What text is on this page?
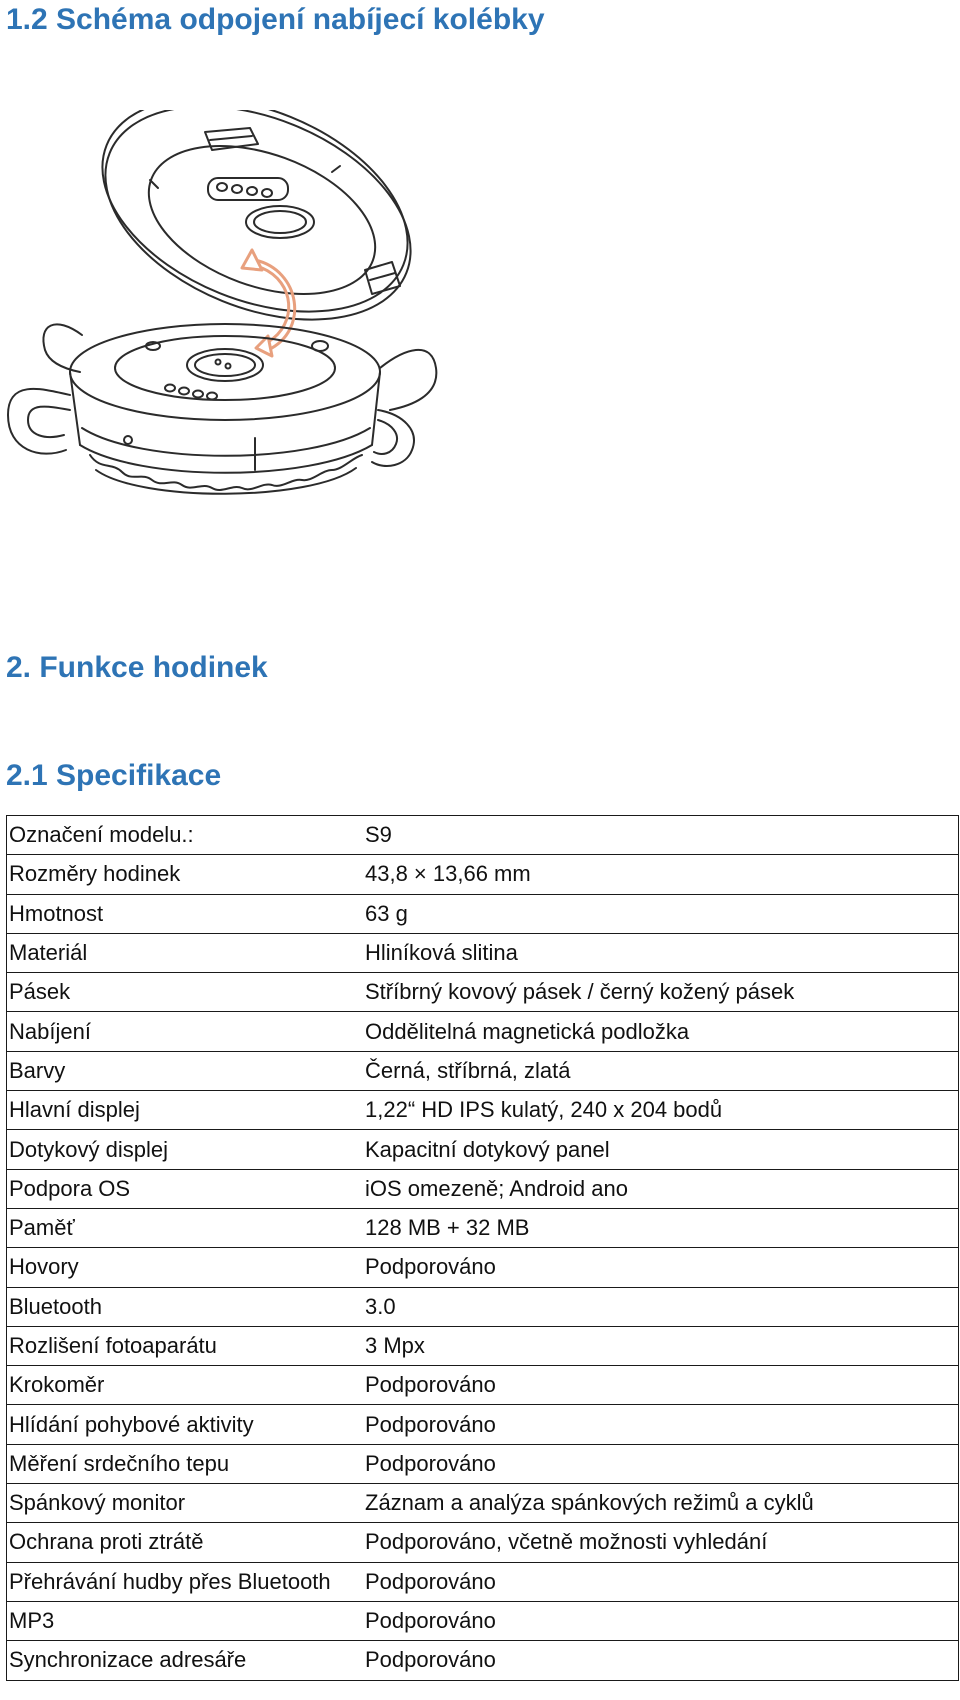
1.2 Schéma odpojení nabíjecí kolébky
2. Funkce hodinek
2.1 Specifikace
Označení modelu.:	S9
Rozměry hodinek	43,8 × 13,66 mm
Hmotnost	63 g
Materiál	Hliníková slitina
Pásek	Stříbrný kovový pásek / černý kožený pásek
Nabíjení	Oddělitelná magnetická podložka
Barvy	Černá, stříbrná, zlatá
Hlavní displej	1,22“ HD IPS kulatý, 240 x 204 bodů
Dotykový displej	Kapacitní dotykový panel
Podpora OS	iOS omezeně; Android ano
Paměť	128 MB + 32 MB
Hovory	Podporováno
Bluetooth	3.0
Rozlišení fotoaparátu	3 Mpx
Krokoměr	Podporováno
Hlídání pohybové aktivity	Podporováno
Měření srdečního tepu	Podporováno
Spánkový monitor	Záznam a analýza spánkových režimů a cyklů
Ochrana proti ztrátě	Podporováno, včetně možnosti vyhledání
Přehrávání hudby přes Bluetooth	Podporováno
MP3	Podporováno
Synchronizace adresáře	Podporováno
